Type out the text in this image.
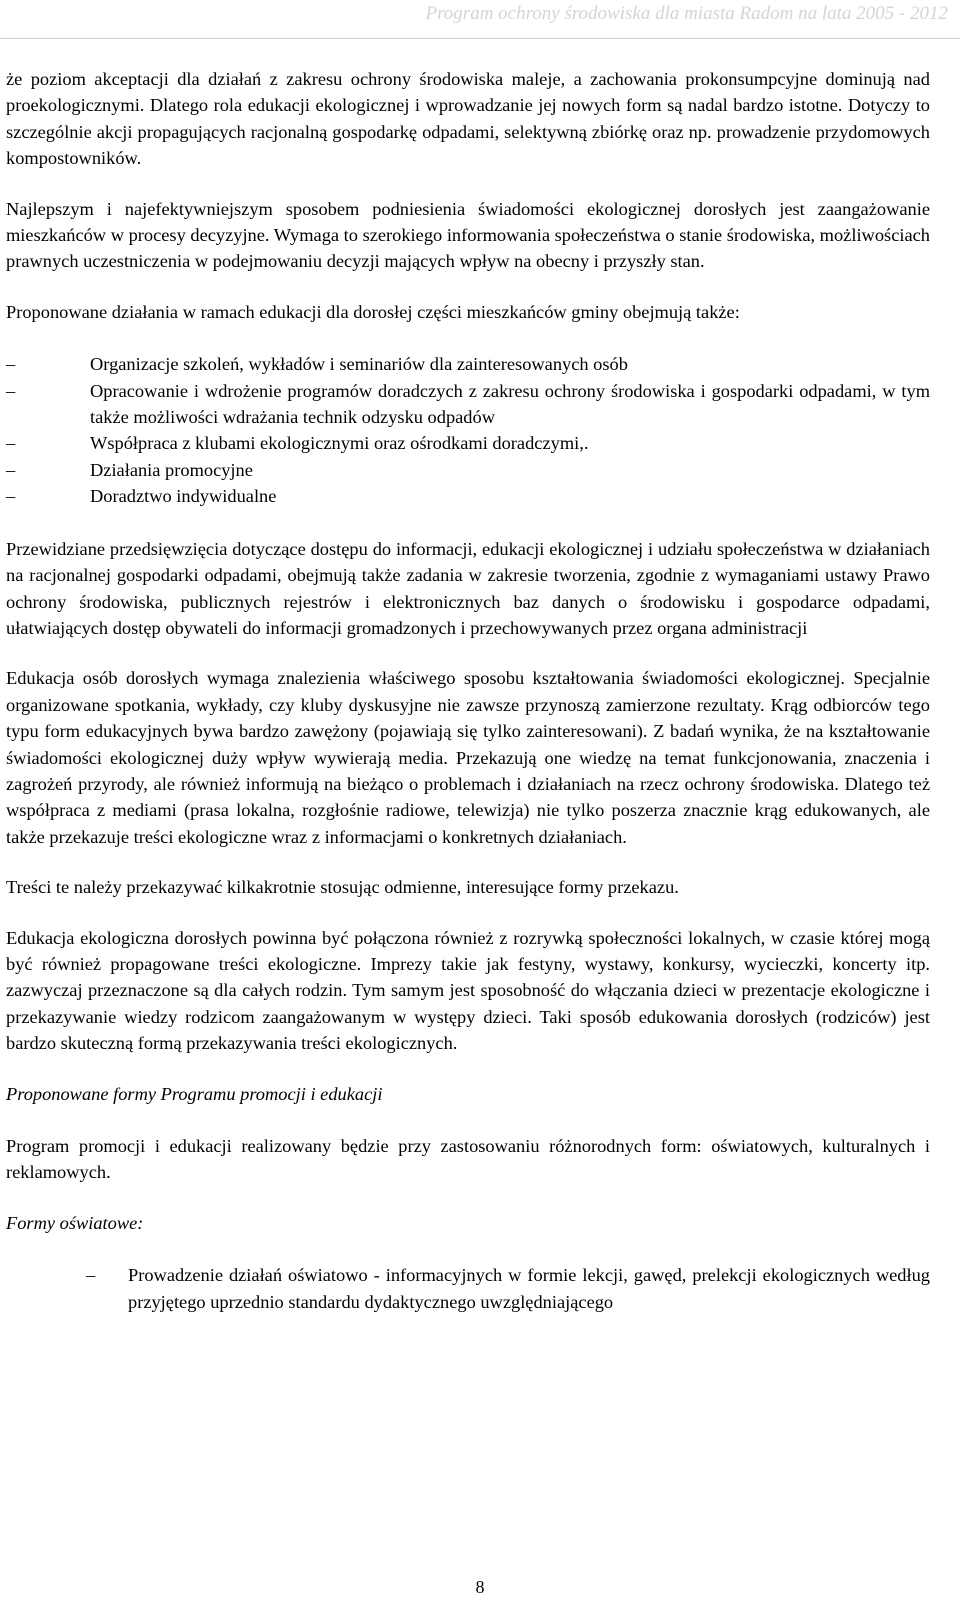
Program ochrony środowiska dla miasta Radom na lata 2005 - 2012

że poziom akceptacji dla działań z zakresu ochrony środowiska maleje, a zachowania prokonsumpcyjne dominują nad proekologicznymi. Dlatego rola edukacji ekologicznej i wprowadzanie jej nowych form są nadal bardzo istotne. Dotyczy to szczególnie akcji propagujących racjonalną gospodarkę odpadami, selektywną zbiórkę oraz np. prowadzenie przydomowych kompostowników.

Najlepszym i najefektywniejszym sposobem podniesienia świadomości ekologicznej dorosłych jest zaangażowanie mieszkańców w procesy decyzyjne. Wymaga to szerokiego informowania społeczeństwa o stanie środowiska, możliwościach prawnych uczestniczenia w podejmowaniu decyzji mających wpływ na obecny i przyszły stan.

Proponowane działania w ramach edukacji dla dorosłej części mieszkańców gminy obejmują także:

–	Organizacje szkoleń, wykładów i seminariów dla zainteresowanych osób
–	Opracowanie i wdrożenie programów doradczych z zakresu ochrony środowiska i gospodarki odpadami, w tym także możliwości wdrażania technik odzysku odpadów
–	Współpraca z klubami ekologicznymi oraz ośrodkami doradczymi,.
–	Działania promocyjne
–	Doradztwo indywidualne

Przewidziane przedsięwzięcia dotyczące dostępu do informacji, edukacji ekologicznej i udziału społeczeństwa w działaniach na racjonalnej gospodarki odpadami, obejmują także zadania w zakresie tworzenia, zgodnie z wymaganiami ustawy Prawo ochrony środowiska, publicznych rejestrów i elektronicznych baz danych o środowisku i gospodarce odpadami, ułatwiających dostęp obywateli do informacji gromadzonych i przechowywanych przez organa administracji

Edukacja osób dorosłych wymaga znalezienia właściwego sposobu kształtowania świadomości ekologicznej. Specjalnie organizowane spotkania, wykłady, czy kluby dyskusyjne nie zawsze przynoszą zamierzone rezultaty. Krąg odbiorców tego typu form edukacyjnych bywa bardzo zawężony (pojawiają się tylko zainteresowani). Z badań wynika, że na kształtowanie świadomości ekologicznej duży wpływ wywierają media. Przekazują one wiedzę na temat funkcjonowania, znaczenia i zagrożeń przyrody, ale również informują na bieżąco o problemach i działaniach na rzecz ochrony środowiska. Dlatego też współpraca z mediami (prasa lokalna, rozgłośnie radiowe, telewizja) nie tylko poszerza znacznie krąg edukowanych, ale także przekazuje treści ekologiczne wraz z informacjami o konkretnych działaniach.

Treści te należy przekazywać kilkakrotnie stosując odmienne, interesujące formy przekazu.

Edukacja ekologiczna dorosłych powinna być połączona również z rozrywką społeczności lokalnych, w czasie której mogą być również propagowane treści ekologiczne. Imprezy takie jak festyny, wystawy, konkursy, wycieczki, koncerty itp. zazwyczaj przeznaczone są dla całych rodzin. Tym samym jest sposobność do włączania dzieci w prezentacje ekologiczne i przekazywanie wiedzy rodzicom zaangażowanym w występy dzieci. Taki sposób edukowania dorosłych (rodziców) jest bardzo skuteczną formą przekazywania treści ekologicznych.

Proponowane formy Programu promocji i edukacji

Program promocji i edukacji realizowany będzie przy zastosowaniu różnorodnych form: oświatowych, kulturalnych i reklamowych.

Formy oświatowe:
–	Prowadzenie działań oświatowo - informacyjnych w formie lekcji, gawęd, prelekcji ekologicznych według przyjętego uprzednio standardu dydaktycznego uwzględniającego
8
